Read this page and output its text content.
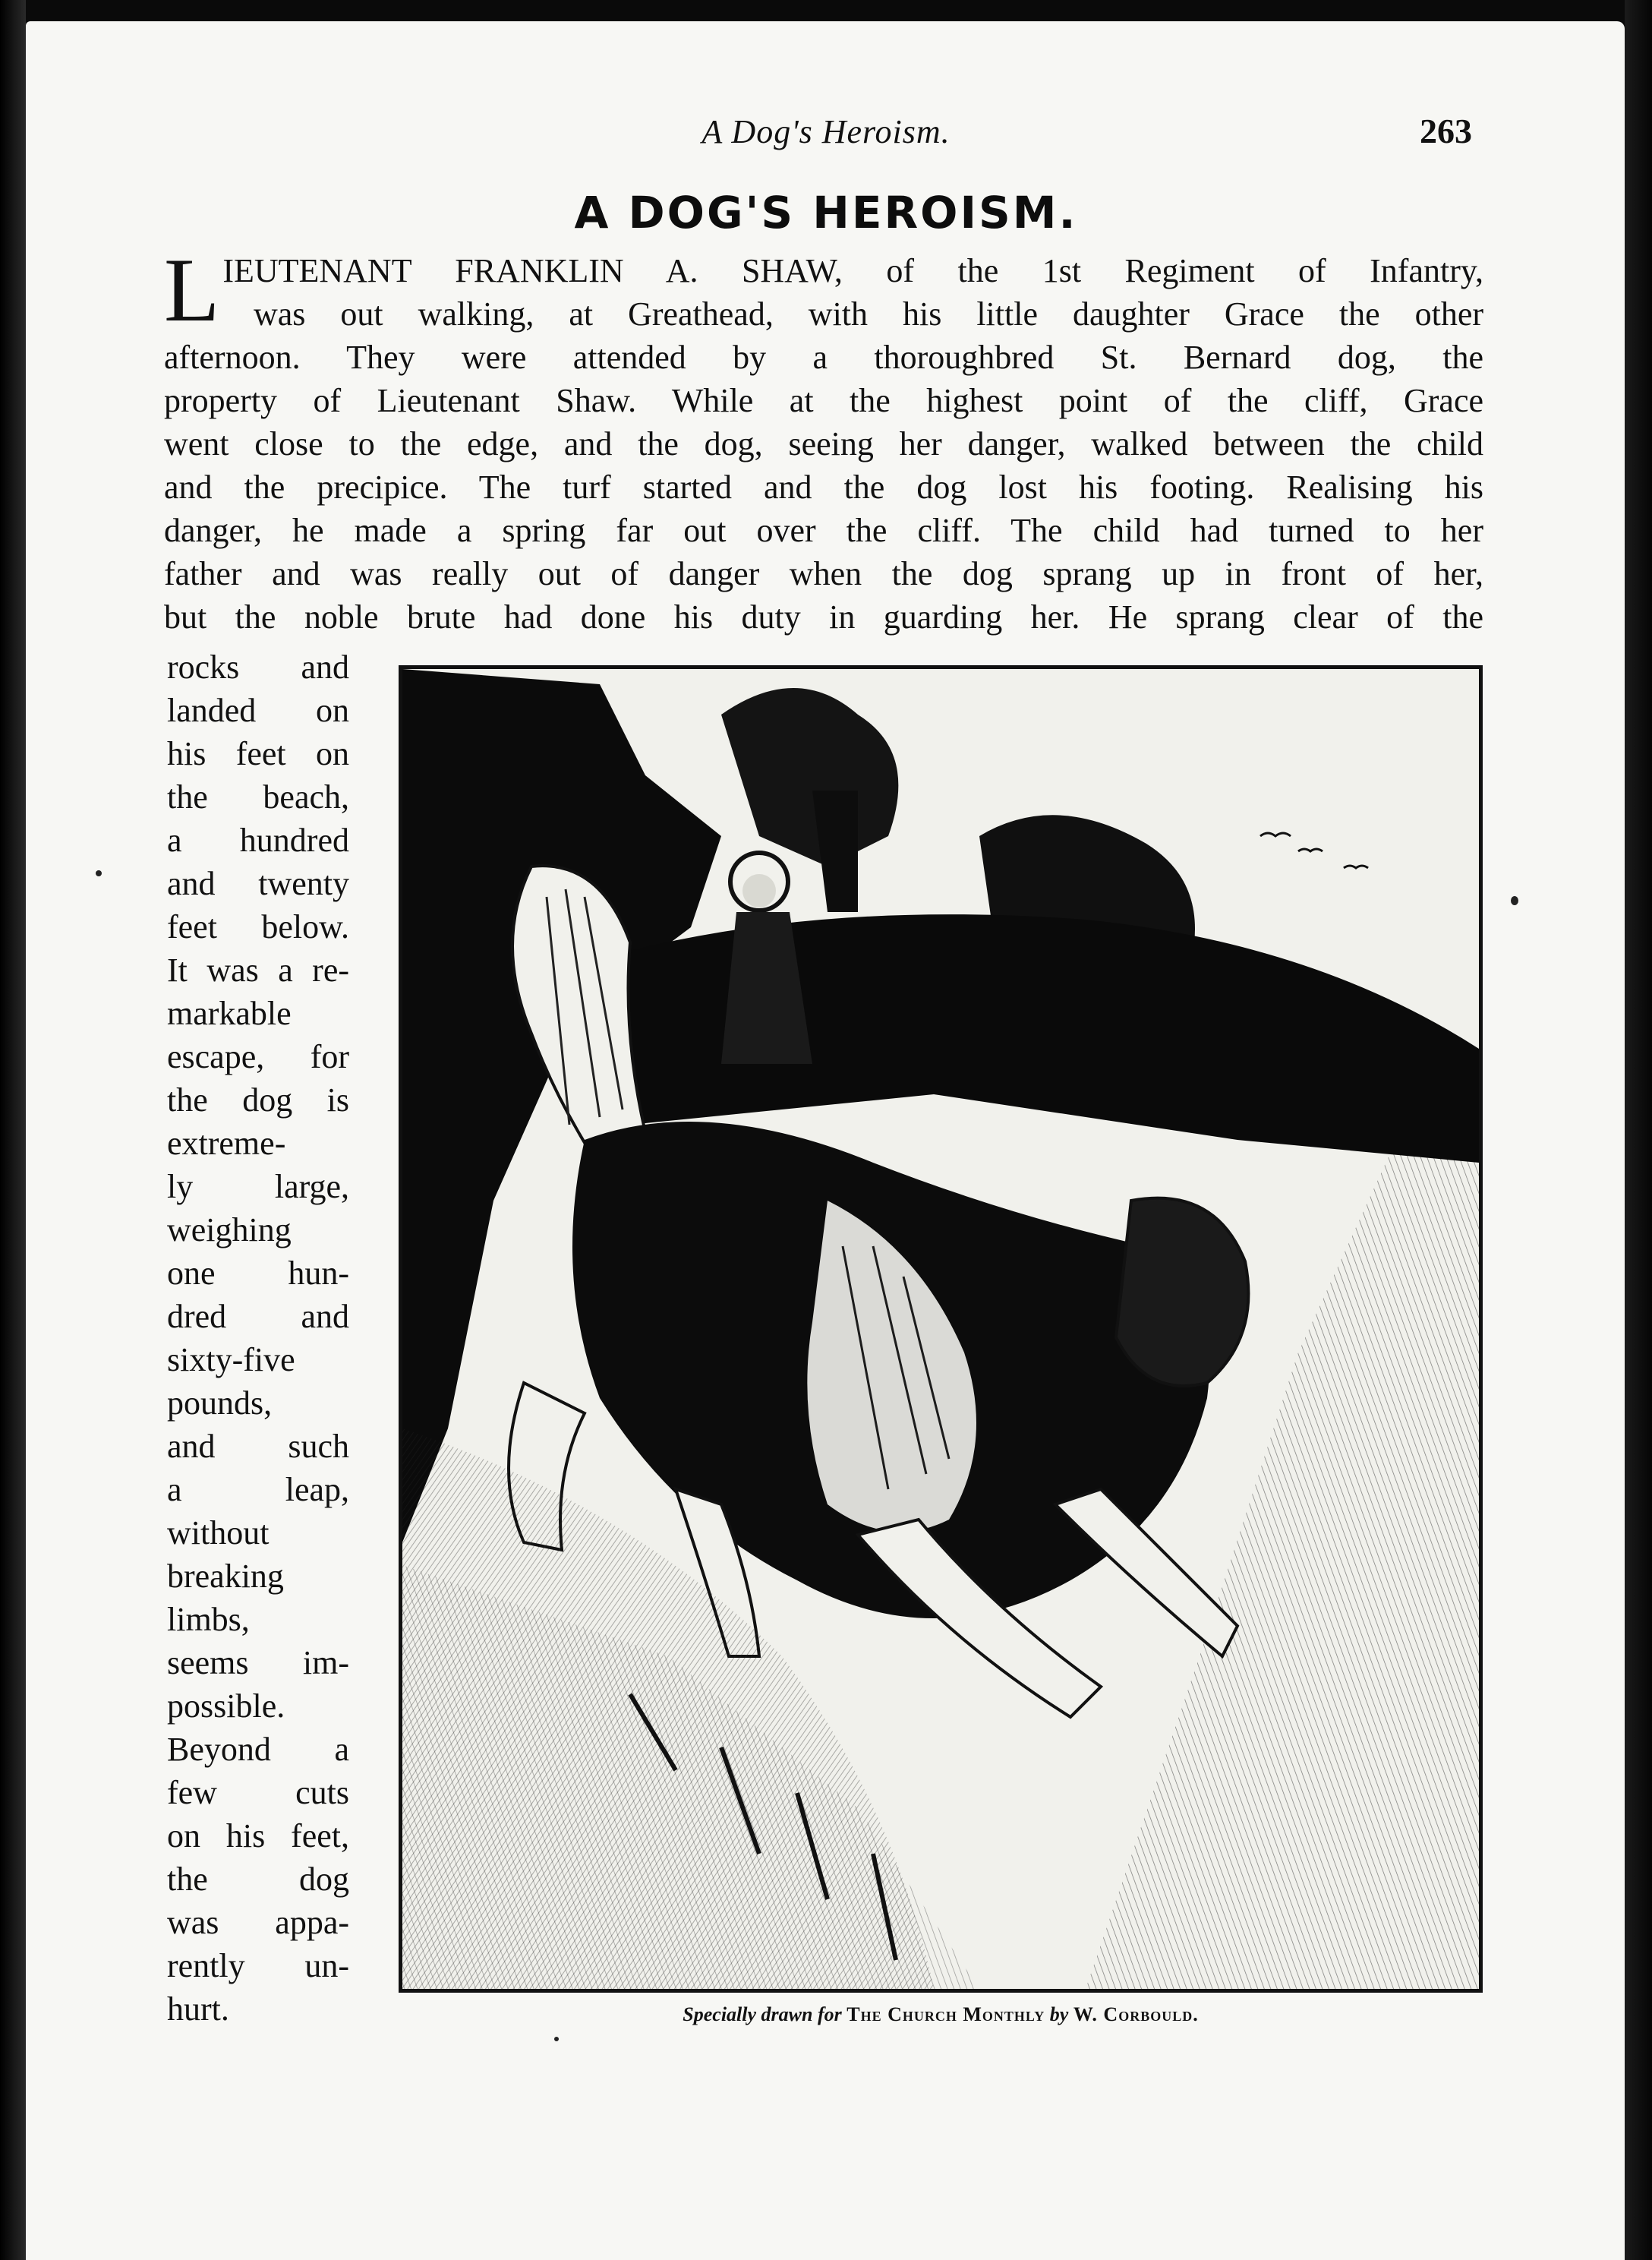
A Dog's Heroism.	263
A DOG'S HEROISM.
L IEUTENANT FRANKLIN A. SHAW, of the 1st Regiment of Infantry,
was out walking, at Greathead, with his little daughter Grace the other
afternoon. They were attended by a thoroughbred St. Bernard dog, the
property of Lieutenant Shaw. While at the highest point of the cliff, Grace
went close to the edge, and the dog, seeing her danger, walked between the child
and the precipice. The turf started and the dog lost his footing. Realising his
danger, he made a spring far out over the cliff. The child had turned to her
father and was really out of danger when the dog sprang up in front of her,
but the noble brute had done his duty in guarding her. He sprang clear of the
rocks and
landed on
his feet on
the beach,
a hundred
and twenty
feet below.
It was a re-
markable
escape, for
the dog is
extreme-
ly large,
weighing
one hun-
dred and
sixty-five
pounds,
and such
a leap,
without
breaking
limbs,
seems im-
possible.
Beyond a
few cuts
on his feet,
the dog
was appa-
rently un-
hurt.	Specially drawn for The Church Monthly by W. Corbould.
